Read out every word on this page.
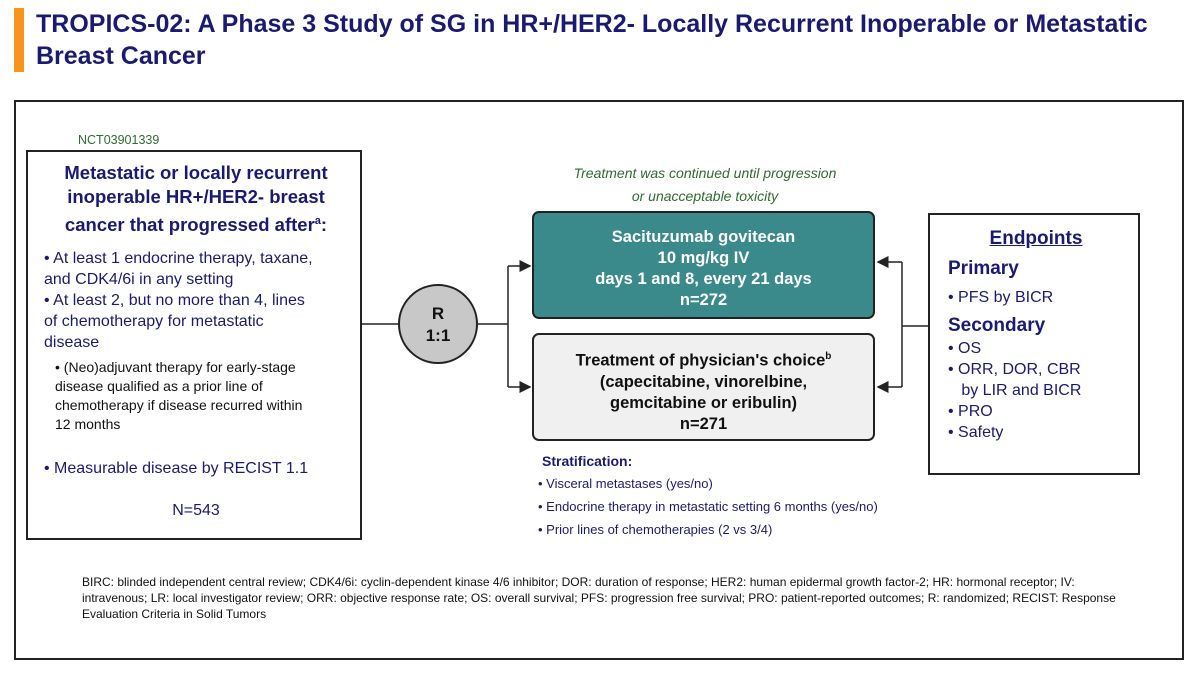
TROPICS-02: A Phase 3 Study of SG in HR+/HER2- Locally Recurrent Inoperable or Metastatic Breast Cancer
NCT03901339
Metastatic or locally recurrent
inoperable HR+/HER2- breast
cancer that progressed after$^a$:
• At least 1 endocrine therapy, taxane,
and CDK4/6i in any setting
• At least 2, but no more than 4, lines
of chemotherapy for metastatic
disease
• (Neo)adjuvant therapy for early-stage
disease qualified as a prior line of
chemotherapy if disease recurred within
12 months
• Measurable disease by RECIST 1.1
N=543
R
1:1
Treatment was continued until progression
or unacceptable toxicity
Sacituzumab govitecan
10 mg/kg IV
days 1 and 8, every 21 days
n=272
Treatment of physician's choice$^b$
(capecitabine, vinorelbine,
gemcitabine or eribulin)
n=271
Stratification:
• Visceral metastases (yes/no)
• Endocrine therapy in metastatic setting 6 months (yes/no)
• Prior lines of chemotherapies (2 vs 3/4)
Endpoints
Primary
• PFS by BICR
Secondary
• OS
• ORR, DOR, CBR
by LIR and BICR
• PRO
• Safety
BIRC: blinded independent central review; CDK4/6i: cyclin-dependent kinase 4/6 inhibitor; DOR: duration of response; HER2: human epidermal growth factor-2; HR: hormonal receptor; IV: intravenous; LR: local investigator review; ORR: objective response rate; OS: overall survival; PFS: progression free survival; PRO: patient-reported outcomes; R: randomized; RECIST: Response Evaluation Criteria in Solid Tumors
